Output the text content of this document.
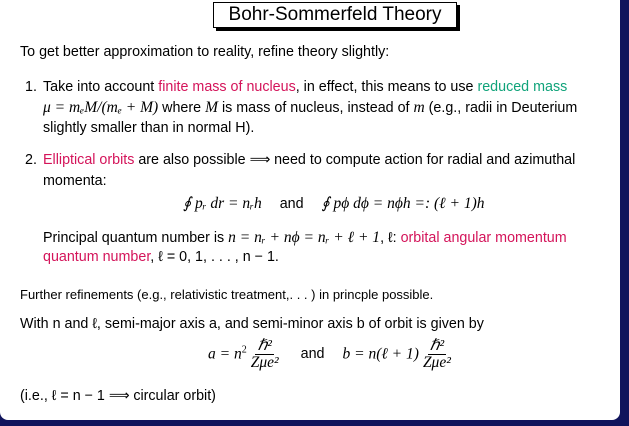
Bohr-Sommerfeld Theory
To get better approximation to reality, refine theory slightly:
1. Take into account finite mass of nucleus, in effect, this means to use reduced mass
μ = mₑM/(mₑ + M) where M is mass of nucleus, instead of m (e.g., radii in Deuterium
slightly smaller than in normal H).
2. Elliptical orbits are also possible ⟹ need to compute action for radial and azimuthal
momenta:
∮ pᵣ dr = nᵣh and ∮ pϕ dϕ = nϕh =: (ℓ + 1)h
Principal quantum number is n = nᵣ + nϕ = nᵣ + ℓ + 1, ℓ: orbital angular momentum
quantum number, ℓ = 0, 1, . . . , n − 1.
Further refinements (e.g., relativistic treatment,. . . ) in princple possible.
With n and ℓ, semi-major axis a, and semi-minor axis b of orbit is given by
$a = n^2 \frac{\text{ℏ²}}{\text{Zμe²}}$ and b = n(ℓ + $1) \frac{\text{ℏ²}}{\text{Zμe²}}$
(i.e., ℓ = n − 1 ⟹ circular orbit)
